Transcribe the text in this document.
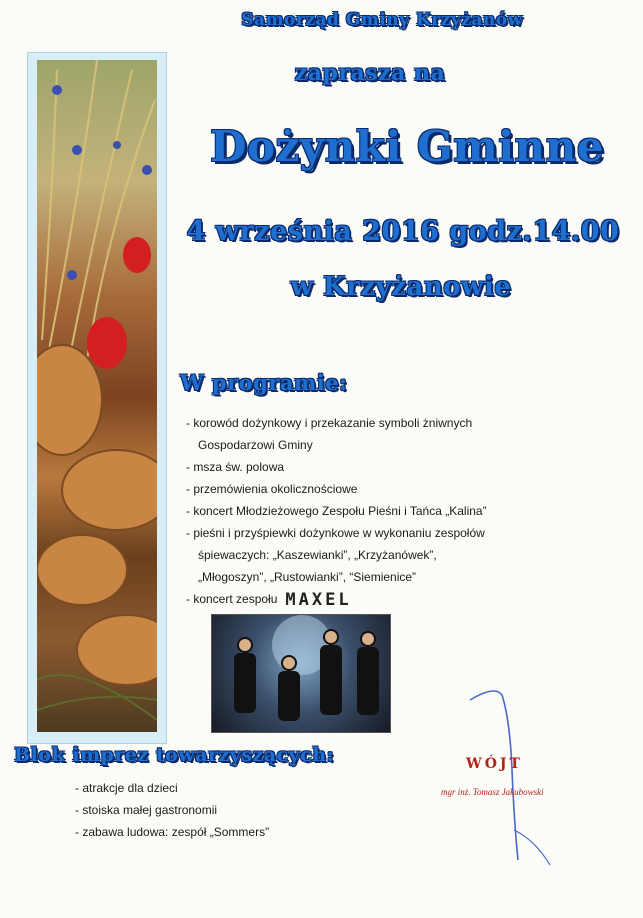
Samorząd Gminy Krzyżanów
zaprasza na
Dożynki Gminne
4 września 2016 godz.14.00
w Krzyżanowie
W programie:
- korowód dożynkowy i przekazanie symboli żniwnych
Gospodarzowi Gminy
- msza św. polowa
- przemówienia okolicznościowe
- koncert Młodzieżowego Zespołu Pieśni i Tańca „Kalina”
- pieśni i przyśpiewki dożynkowe w wykonaniu zespołów
śpiewaczych: „Kaszewianki”, „Krzyżanówek”,
„Młogoszyn”, „Rustowianki”, “Siemienice”
- koncert zespołu MAXEL
Blok imprez towarzyszących:
- atrakcje dla dzieci
- stoiska małej gastronomii
- zabawa ludowa: zespół „Sommers”
WÓJT
mgr inż. Tomasz Jakubowski
